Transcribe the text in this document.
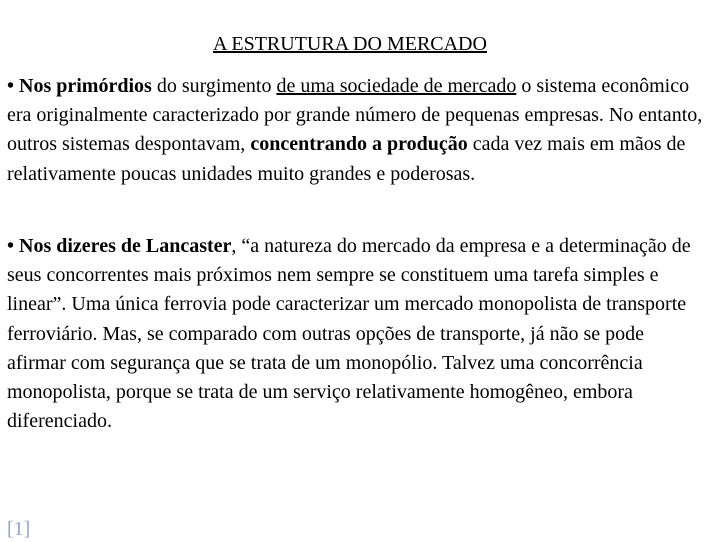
A ESTRUTURA DO MERCADO

• Nos primórdios do surgimento de uma sociedade de mercado o sistema econômico era originalmente caracterizado por grande número de pequenas empresas. No entanto, outros sistemas despontavam, concentrando a produção cada vez mais em mãos de relativamente poucas unidades muito grandes e poderosas.

• Nos dizeres de Lancaster, “a natureza do mercado da empresa e a determinação de seus concorrentes mais próximos nem sempre se constituem uma tarefa simples e linear”. Uma única ferrovia pode caracterizar um mercado monopolista de transporte ferroviário. Mas, se comparado com outras opções de transporte, já não se pode afirmar com segurança que se trata de um monopólio. Talvez uma concorrência monopolista, porque se trata de um serviço relativamente homogêneo, embora diferenciado.

[1]
